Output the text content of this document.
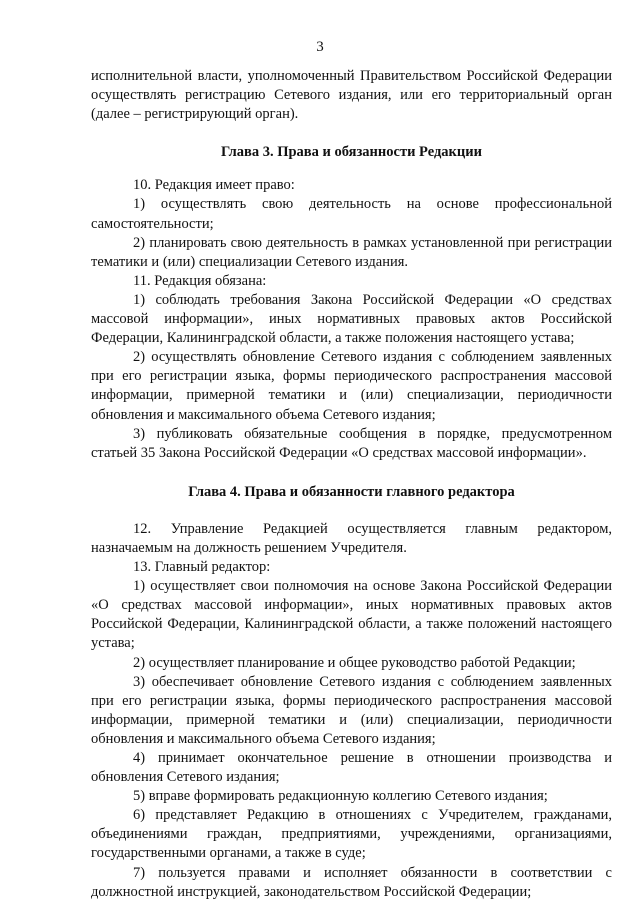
3

исполнительной власти, уполномоченный Правительством Российской Федерации осуществлять регистрацию Сетевого издания, или его территориальный орган (далее – регистрирующий орган).

Глава 3. Права и обязанности Редакции

10. Редакция имеет право:

1) осуществлять свою деятельность на основе профессиональной самостоятельности;

2) планировать свою деятельность в рамках установленной при регистрации тематики и (или) специализации Сетевого издания.

11. Редакция обязана:

1) соблюдать требования Закона Российской Федерации «О средствах массовой информации», иных нормативных правовых актов Российской Федерации, Калининградской области, а также положения настоящего устава;

2) осуществлять обновление Сетевого издания с соблюдением заявленных при его регистрации языка, формы периодического распространения массовой информации, примерной тематики и (или) специализации, периодичности обновления и максимального объема Сетевого издания;

3) публиковать обязательные сообщения в порядке, предусмотренном статьей 35 Закона Российской Федерации «О средствах массовой информации».

Глава 4. Права и обязанности главного редактора

12. Управление Редакцией осуществляется главным редактором, назначаемым на должность решением Учредителя.

13. Главный редактор:

1) осуществляет свои полномочия на основе Закона Российской Федерации «О средствах массовой информации», иных нормативных правовых актов Российской Федерации, Калининградской области, а также положений настоящего устава;

2) осуществляет планирование и общее руководство работой Редакции;

3) обеспечивает обновление Сетевого издания с соблюдением заявленных при его регистрации языка, формы периодического распространения массовой информации, примерной тематики и (или) специализации, периодичности обновления и максимального объема Сетевого издания;

4) принимает окончательное решение в отношении производства и обновления Сетевого издания;

5) вправе формировать редакционную коллегию Сетевого издания;

6) представляет Редакцию в отношениях с Учредителем, гражданами, объединениями граждан, предприятиями, учреждениями, организациями, государственными органами, а также в суде;

7) пользуется правами и исполняет обязанности в соответствии с должностной инструкцией, законодательством Российской Федерации;
